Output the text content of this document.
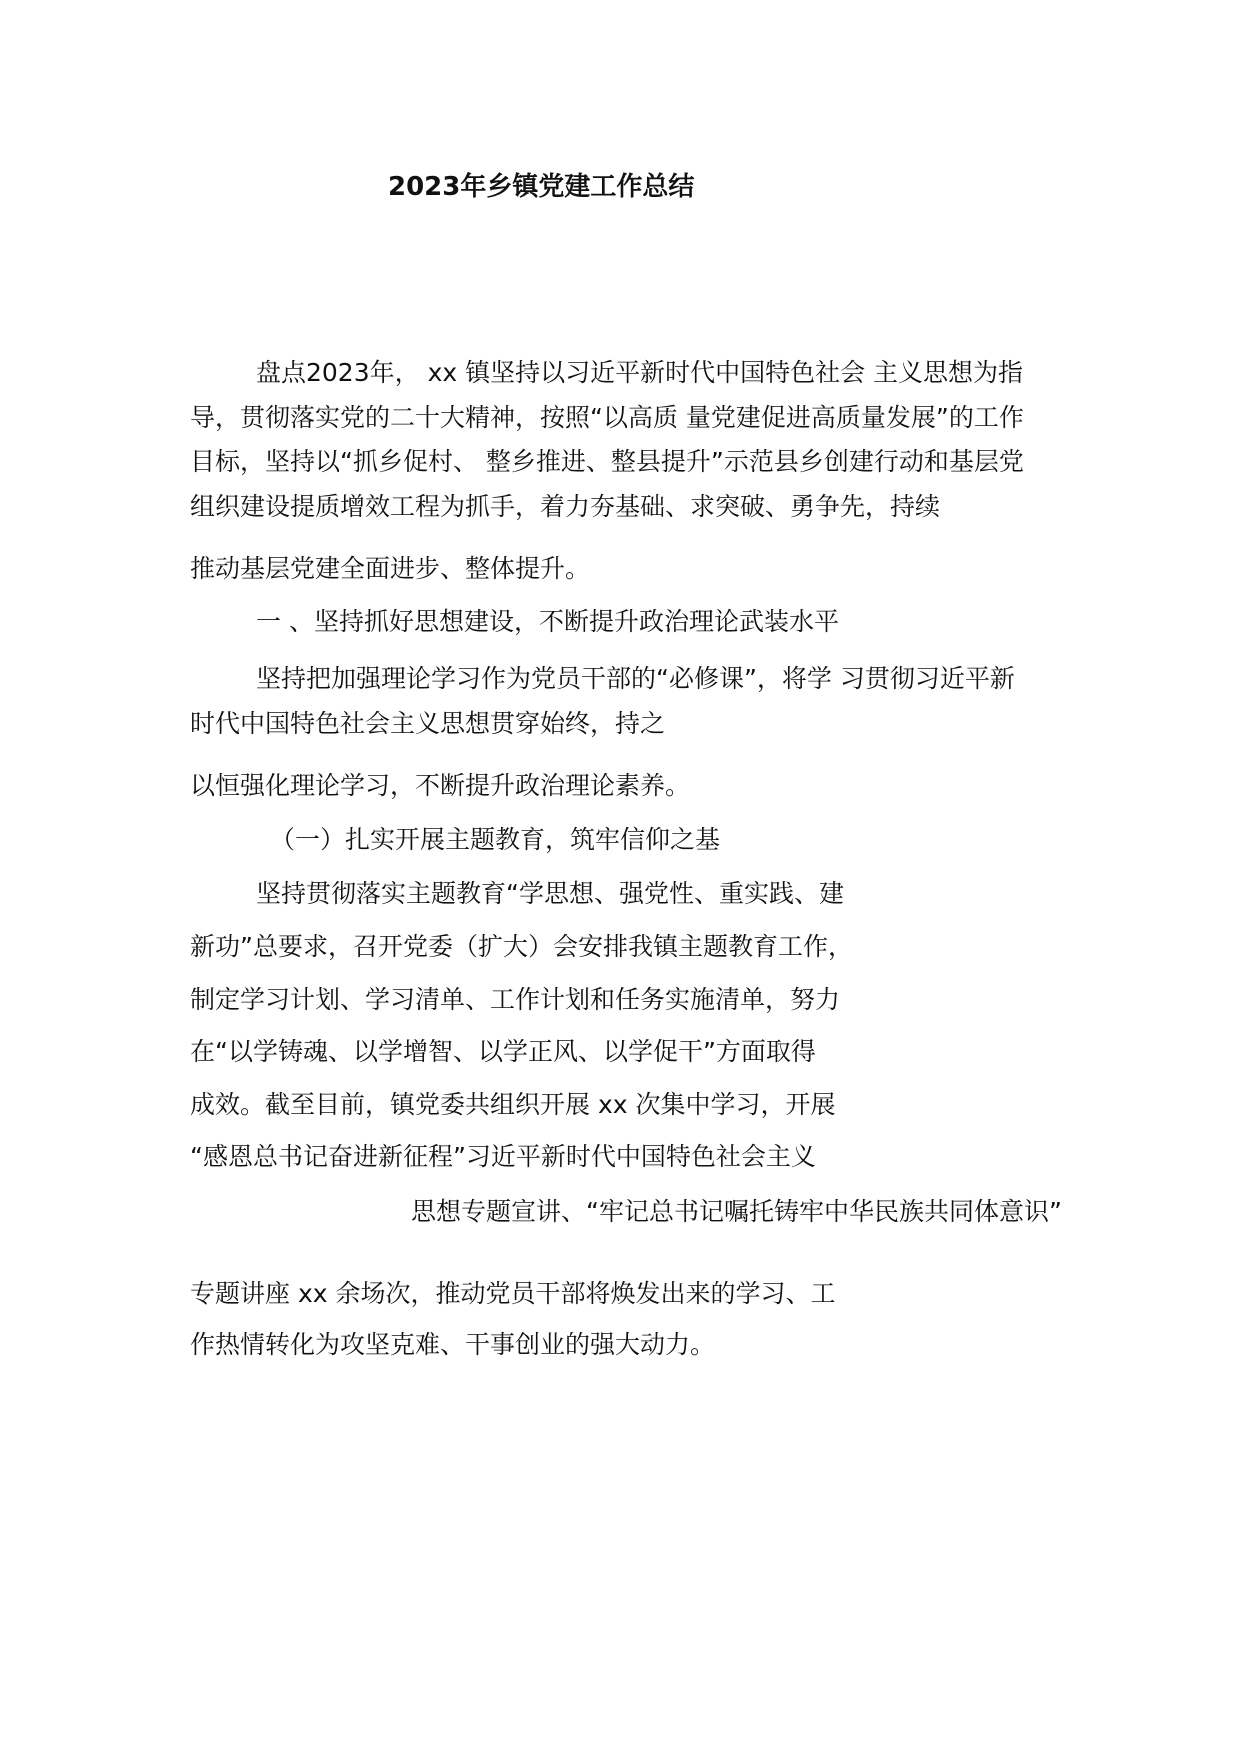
2023年乡镇党建工作总结
盘点2023年， xx 镇坚持以习近平新时代中国特色社会 主义思想为指
导，贯彻落实党的二十大精神，按照“以高质 量党建促进高质量发展”的工作
目标，坚持以“抓乡促村、 整乡推进、整县提升”示范县乡创建行动和基层党
组织建设提质增效工程为抓手，着力夯基础、求突破、勇争先，持续
推动基层党建全面进步、整体提升。
一 、坚持抓好思想建设，不断提升政治理论武装水平
坚持把加强理论学习作为党员干部的“必修课”，将学 习贯彻习近平新
时代中国特色社会主义思想贯穿始终，持之
以恒强化理论学习，不断提升政治理论素养。
（一）扎实开展主题教育，筑牢信仰之基
坚持贯彻落实主题教育“学思想、强党性、重实践、建
新功”总要求，召开党委（扩大）会安排我镇主题教育工作，
制定学习计划、学习清单、工作计划和任务实施清单，努力
在“以学铸魂、以学增智、以学正风、以学促干”方面取得
成效。截至目前，镇党委共组织开展 xx 次集中学习，开展
“感恩总书记奋进新征程”习近平新时代中国特色社会主义
思想专题宣讲、“牢记总书记嘱托铸牢中华民族共同体意识”
专题讲座 xx 余场次，推动党员干部将焕发出来的学习、工
作热情转化为攻坚克难、干事创业的强大动力。
